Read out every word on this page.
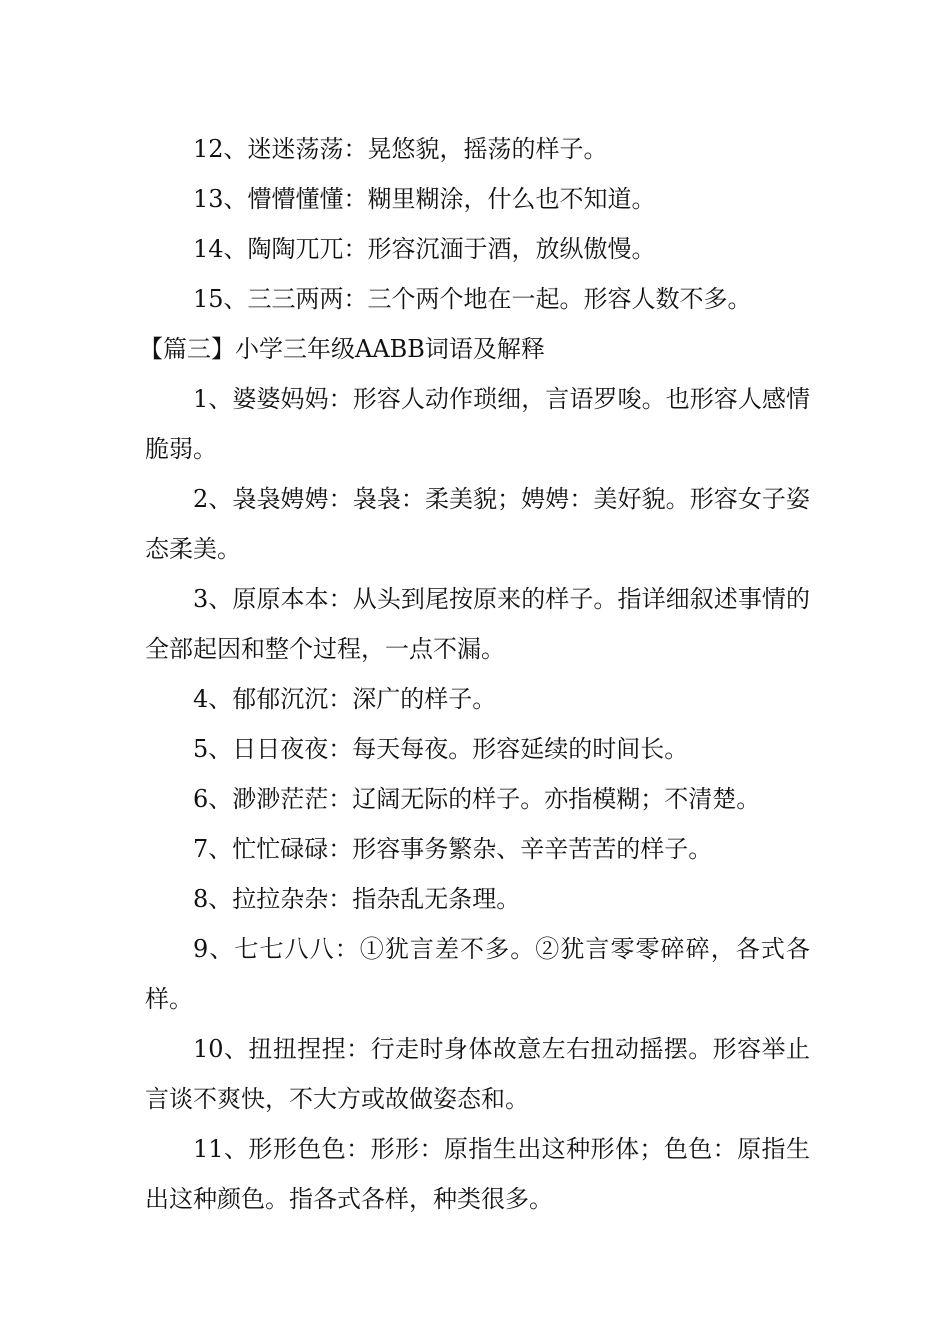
12、迷迷荡荡：晃悠貌，摇荡的样子。

13、懵懵懂懂：糊里糊涂，什么也不知道。

14、陶陶兀兀：形容沉湎于酒，放纵傲慢。

15、三三两两：三个两个地在一起。形容人数不多。

【篇三】小学三年级AABB词语及解释

1、婆婆妈妈：形容人动作琐细，言语罗唆。也形容人感情脆弱。

2、袅袅娉娉：袅袅：柔美貌；娉娉：美好貌。形容女子姿态柔美。

3、原原本本：从头到尾按原来的样子。指详细叙述事情的全部起因和整个过程，一点不漏。

4、郁郁沉沉：深广的样子。

5、日日夜夜：每天每夜。形容延续的时间长。

6、渺渺茫茫：辽阔无际的样子。亦指模糊；不清楚。

7、忙忙碌碌：形容事务繁杂、辛辛苦苦的样子。

8、拉拉杂杂：指杂乱无条理。

9、七七八八：①犹言差不多。②犹言零零碎碎，各式各样。

10、扭扭捏捏：行走时身体故意左右扭动摇摆。形容举止言谈不爽快，不大方或故做姿态和。

11、形形色色：形形：原指生出这种形体；色色：原指生出这种颜色。指各式各样，种类很多。
